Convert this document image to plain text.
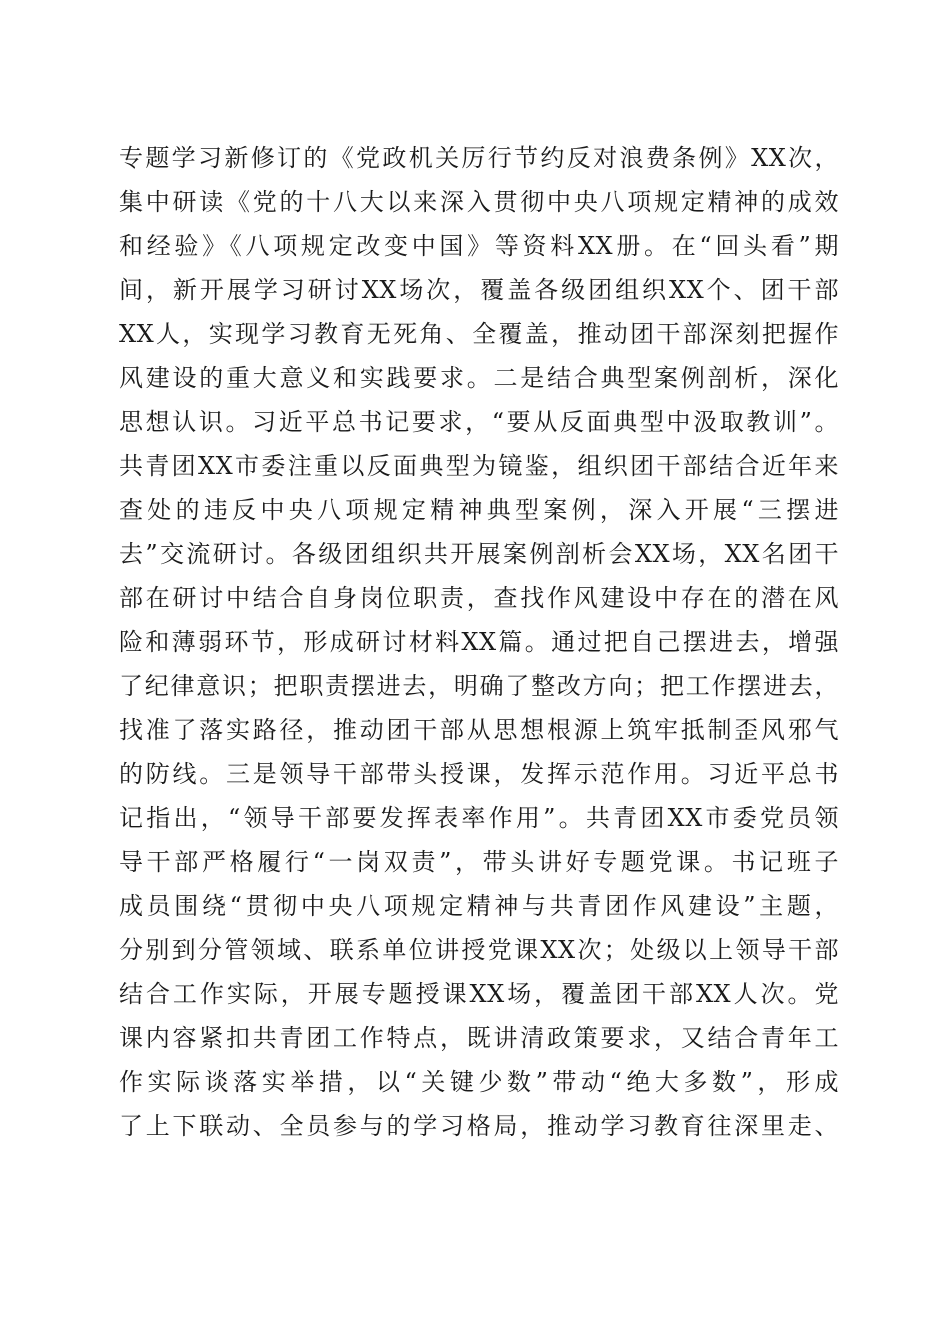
专题学习新修订的《党政机关厉行节约反对浪费条例》XX次，
集中研读《党的十八大以来深入贯彻中央八项规定精神的成效
和经验》《八项规定改变中国》等资料XX册。在“回头看”期
间，新开展学习研讨XX场次，覆盖各级团组织XX个、团干部
XX人，实现学习教育无死角、全覆盖，推动团干部深刻把握作
风建设的重大意义和实践要求。二是结合典型案例剖析，深化
思想认识。习近平总书记要求，“要从反面典型中汲取教训”。
共青团XX市委注重以反面典型为镜鉴，组织团干部结合近年来
查处的违反中央八项规定精神典型案例，深入开展“三摆进
去”交流研讨。各级团组织共开展案例剖析会XX场，XX名团干
部在研讨中结合自身岗位职责，查找作风建设中存在的潜在风
险和薄弱环节，形成研讨材料XX篇。通过把自己摆进去，增强
了纪律意识；把职责摆进去，明确了整改方向；把工作摆进去，
找准了落实路径，推动团干部从思想根源上筑牢抵制歪风邪气
的防线。三是领导干部带头授课，发挥示范作用。习近平总书
记指出，“领导干部要发挥表率作用”。共青团XX市委党员领
导干部严格履行“一岗双责”，带头讲好专题党课。书记班子
成员围绕“贯彻中央八项规定精神与共青团作风建设”主题，
分别到分管领域、联系单位讲授党课XX次；处级以上领导干部
结合工作实际，开展专题授课XX场，覆盖团干部XX人次。党
课内容紧扣共青团工作特点，既讲清政策要求，又结合青年工
作实际谈落实举措，以“关键少数”带动“绝大多数”，形成
了上下联动、全员参与的学习格局，推动学习教育往深里走、
